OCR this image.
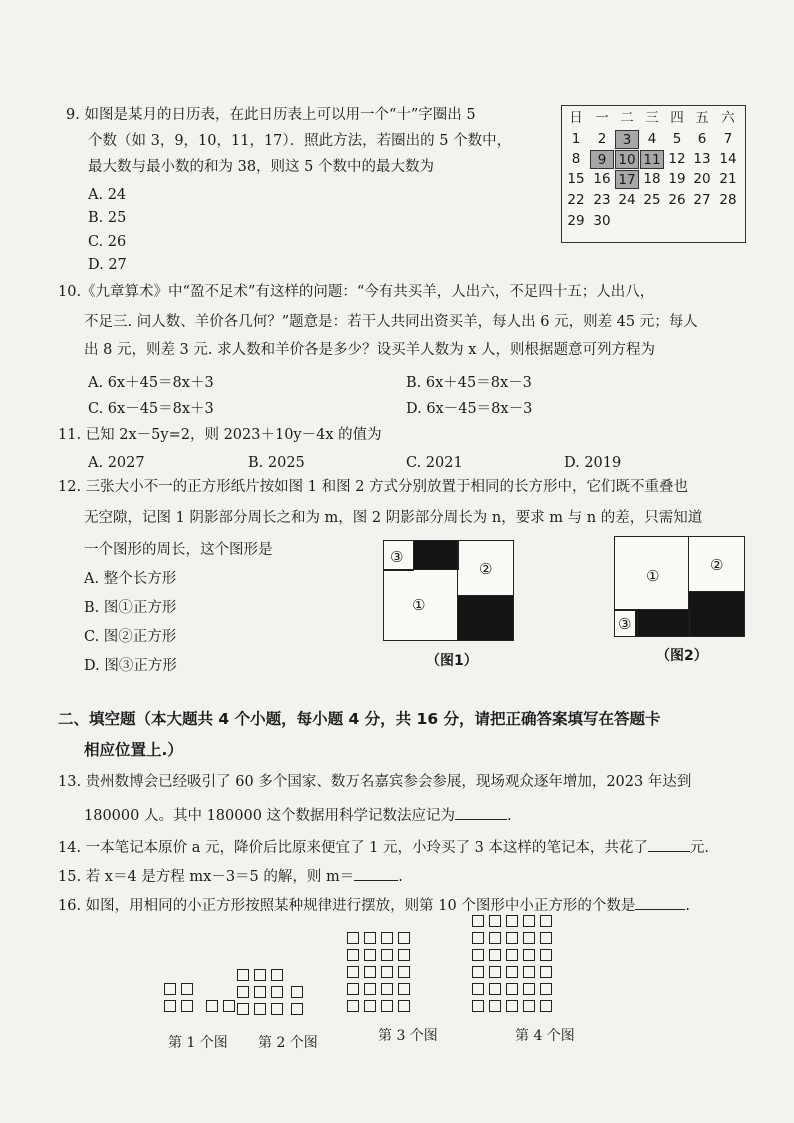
9. 如图是某月的日历表，在此日历表上可以用一个“十”字圈出 5
个数（如 3，9，10，11，17）．照此方法，若圈出的 5 个数中，
最大数与最小数的和为 38，则这 5 个数中的最大数为
A. 24
B. 25
C. 26
D. 27
日 一 二 三 四 五 六
1	2	3	4	5	6	7
8	9 10 11 12 13 14
15 16 17 18 19 20 21
22 23 24 25 26 27 28
29 30
10.《九章算术》中“盈不足术”有这样的问题：“今有共买羊，人出六，不足四十五；人出八，
不足三. 问人数、羊价各几何？”题意是：若干人共同出资买羊，每人出 6 元，则差 45 元；每人
出 8 元，则差 3 元. 求人数和羊价各是多少？设买羊人数为 x 人，则根据题意可列方程为
A. 6x＋45＝8x＋3	B. 6x＋45＝8x－3
C. 6x－45＝8x＋3	D. 6x－45＝8x－3
11. 已知 2x－5y=2，则 2023＋10y－4x 的值为
A. 2027	B. 2025	C. 2021	D. 2019
12. 三张大小不一的正方形纸片按如图 1 和图 2 方式分别放置于相同的长方形中，它们既不重叠也
无空隙，记图 1 阴影部分周长之和为 m，图 2 阴影部分周长为 n，要求 m 与 n 的差，只需知道
一个图形的周长，这个图形是
A. 整个长方形
B. 图①正方形
C. 图②正方形
D. 图③正方形
③
①
②
（图1）
①
②
③
（图2）
二、填空题（本大题共 4 个小题，每小题 4 分，共 16 分，请把正确答案填写在答题卡
相应位置上.）
13. 贵州数博会已经吸引了 60 多个国家、数万名嘉宾参会参展，现场观众逐年增加，2023 年达到
180000 人。其中 180000 这个数据用科学记数法应记为	.
14. 一本笔记本原价 a 元，降价后比原来便宜了 1 元，小玲买了 3 本这样的笔记本，共花了	元.
15. 若 x＝4 是方程 mx－3＝5 的解，则 m＝	.
16. 如图，用相同的小正方形按照某种规律进行摆放，则第 10 个图形中小正方形的个数是	.
第 1 个图 第 2 个图	第 3 个图	第 4 个图
